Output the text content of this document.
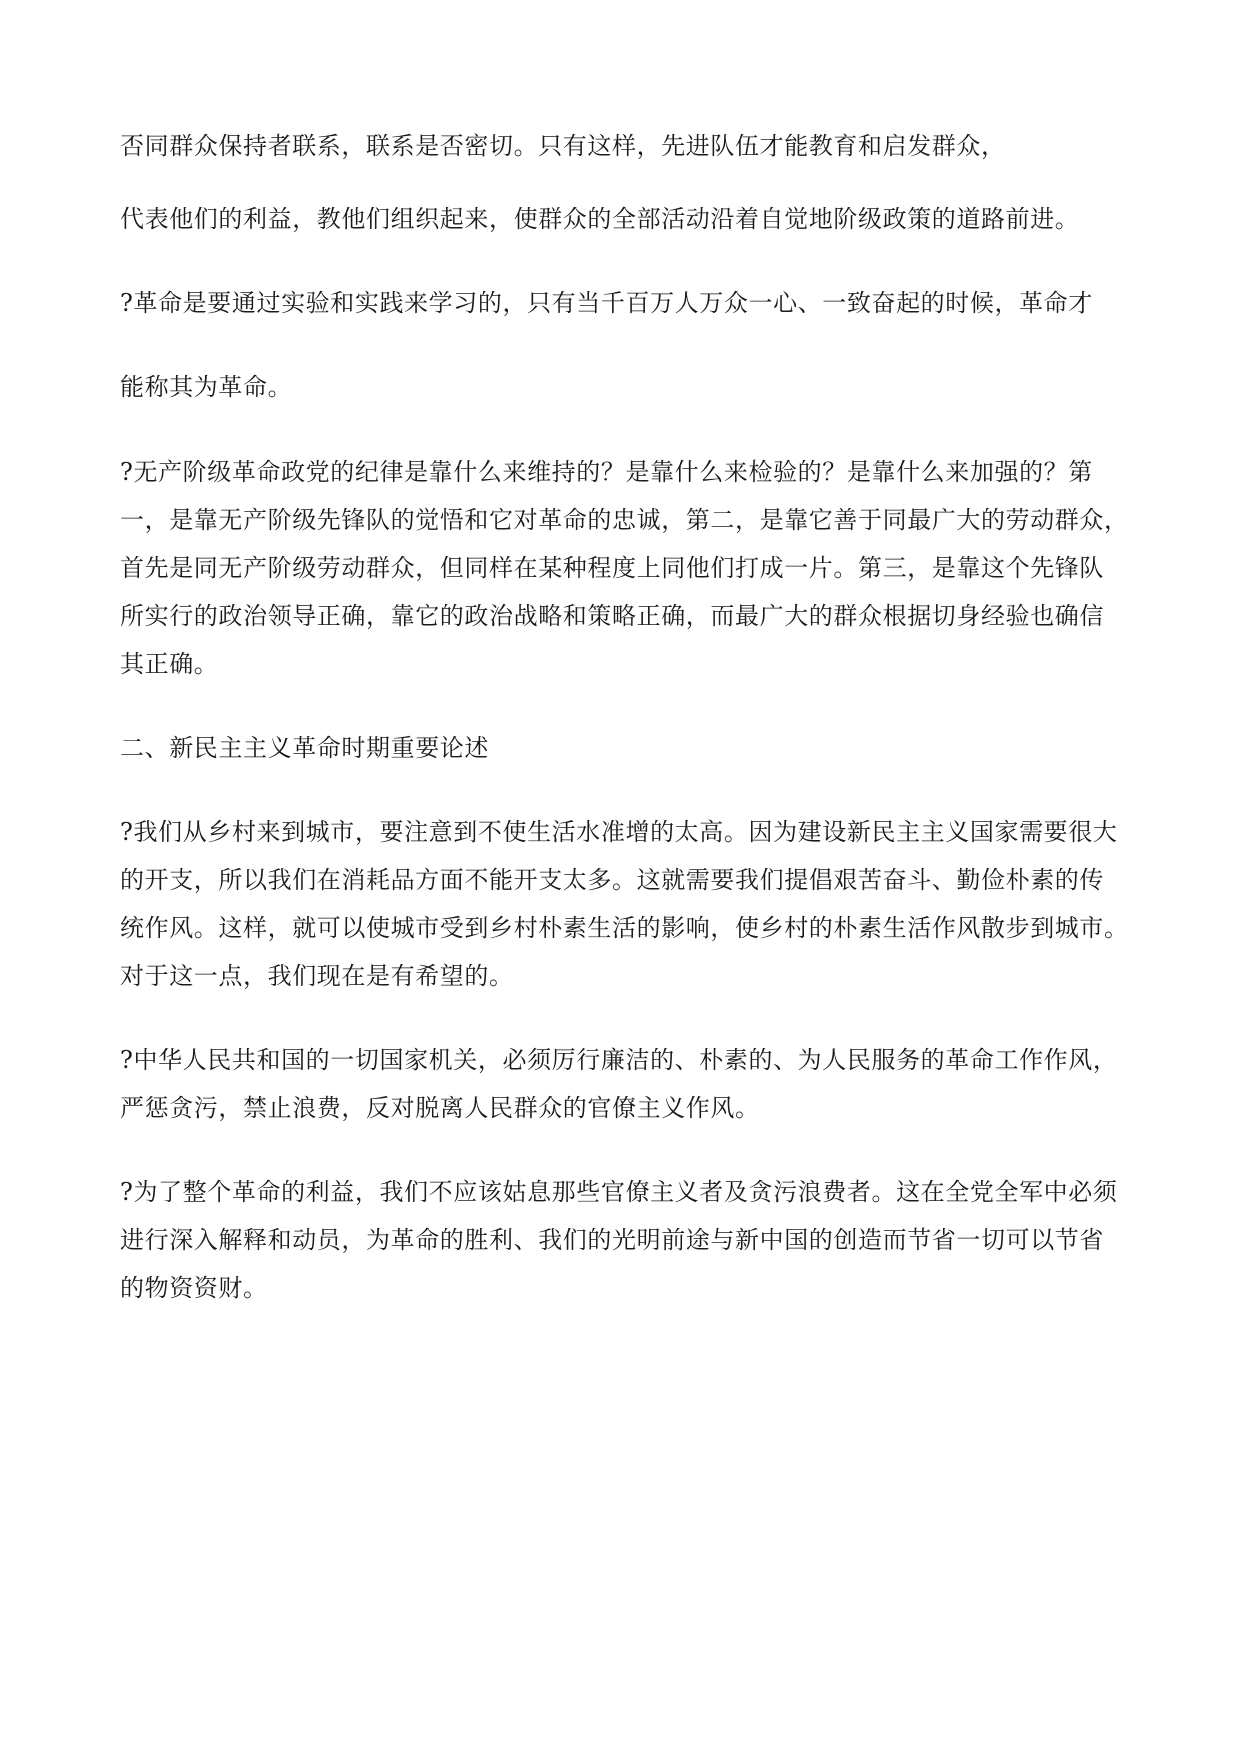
否同群众保持者联系，联系是否密切。只有这样，先进队伍才能教育和启发群众，
代表他们的利益，教他们组织起来，使群众的全部活动沿着自觉地阶级政策的道路前进。
?革命是要通过实验和实践来学习的，只有当千百万人万众一心、一致奋起的时候，革命才
能称其为革命。
?无产阶级革命政党的纪律是靠什么来维持的？是靠什么来检验的？是靠什么来加强的？第
一，是靠无产阶级先锋队的觉悟和它对革命的忠诚，第二，是靠它善于同最广大的劳动群众，
首先是同无产阶级劳动群众，但同样在某种程度上同他们打成一片。第三，是靠这个先锋队
所实行的政治领导正确，靠它的政治战略和策略正确，而最广大的群众根据切身经验也确信
其正确。
二、新民主主义革命时期重要论述
?我们从乡村来到城市，要注意到不使生活水准增的太高。因为建设新民主主义国家需要很大
的开支，所以我们在消耗品方面不能开支太多。这就需要我们提倡艰苦奋斗、勤俭朴素的传
统作风。这样，就可以使城市受到乡村朴素生活的影响，使乡村的朴素生活作风散步到城市。
对于这一点，我们现在是有希望的。
?中华人民共和国的一切国家机关，必须厉行廉洁的、朴素的、为人民服务的革命工作作风，
严惩贪污，禁止浪费，反对脱离人民群众的官僚主义作风。
?为了整个革命的利益，我们不应该姑息那些官僚主义者及贪污浪费者。这在全党全军中必须
进行深入解释和动员，为革命的胜利、我们的光明前途与新中国的创造而节省一切可以节省
的物资资财。
